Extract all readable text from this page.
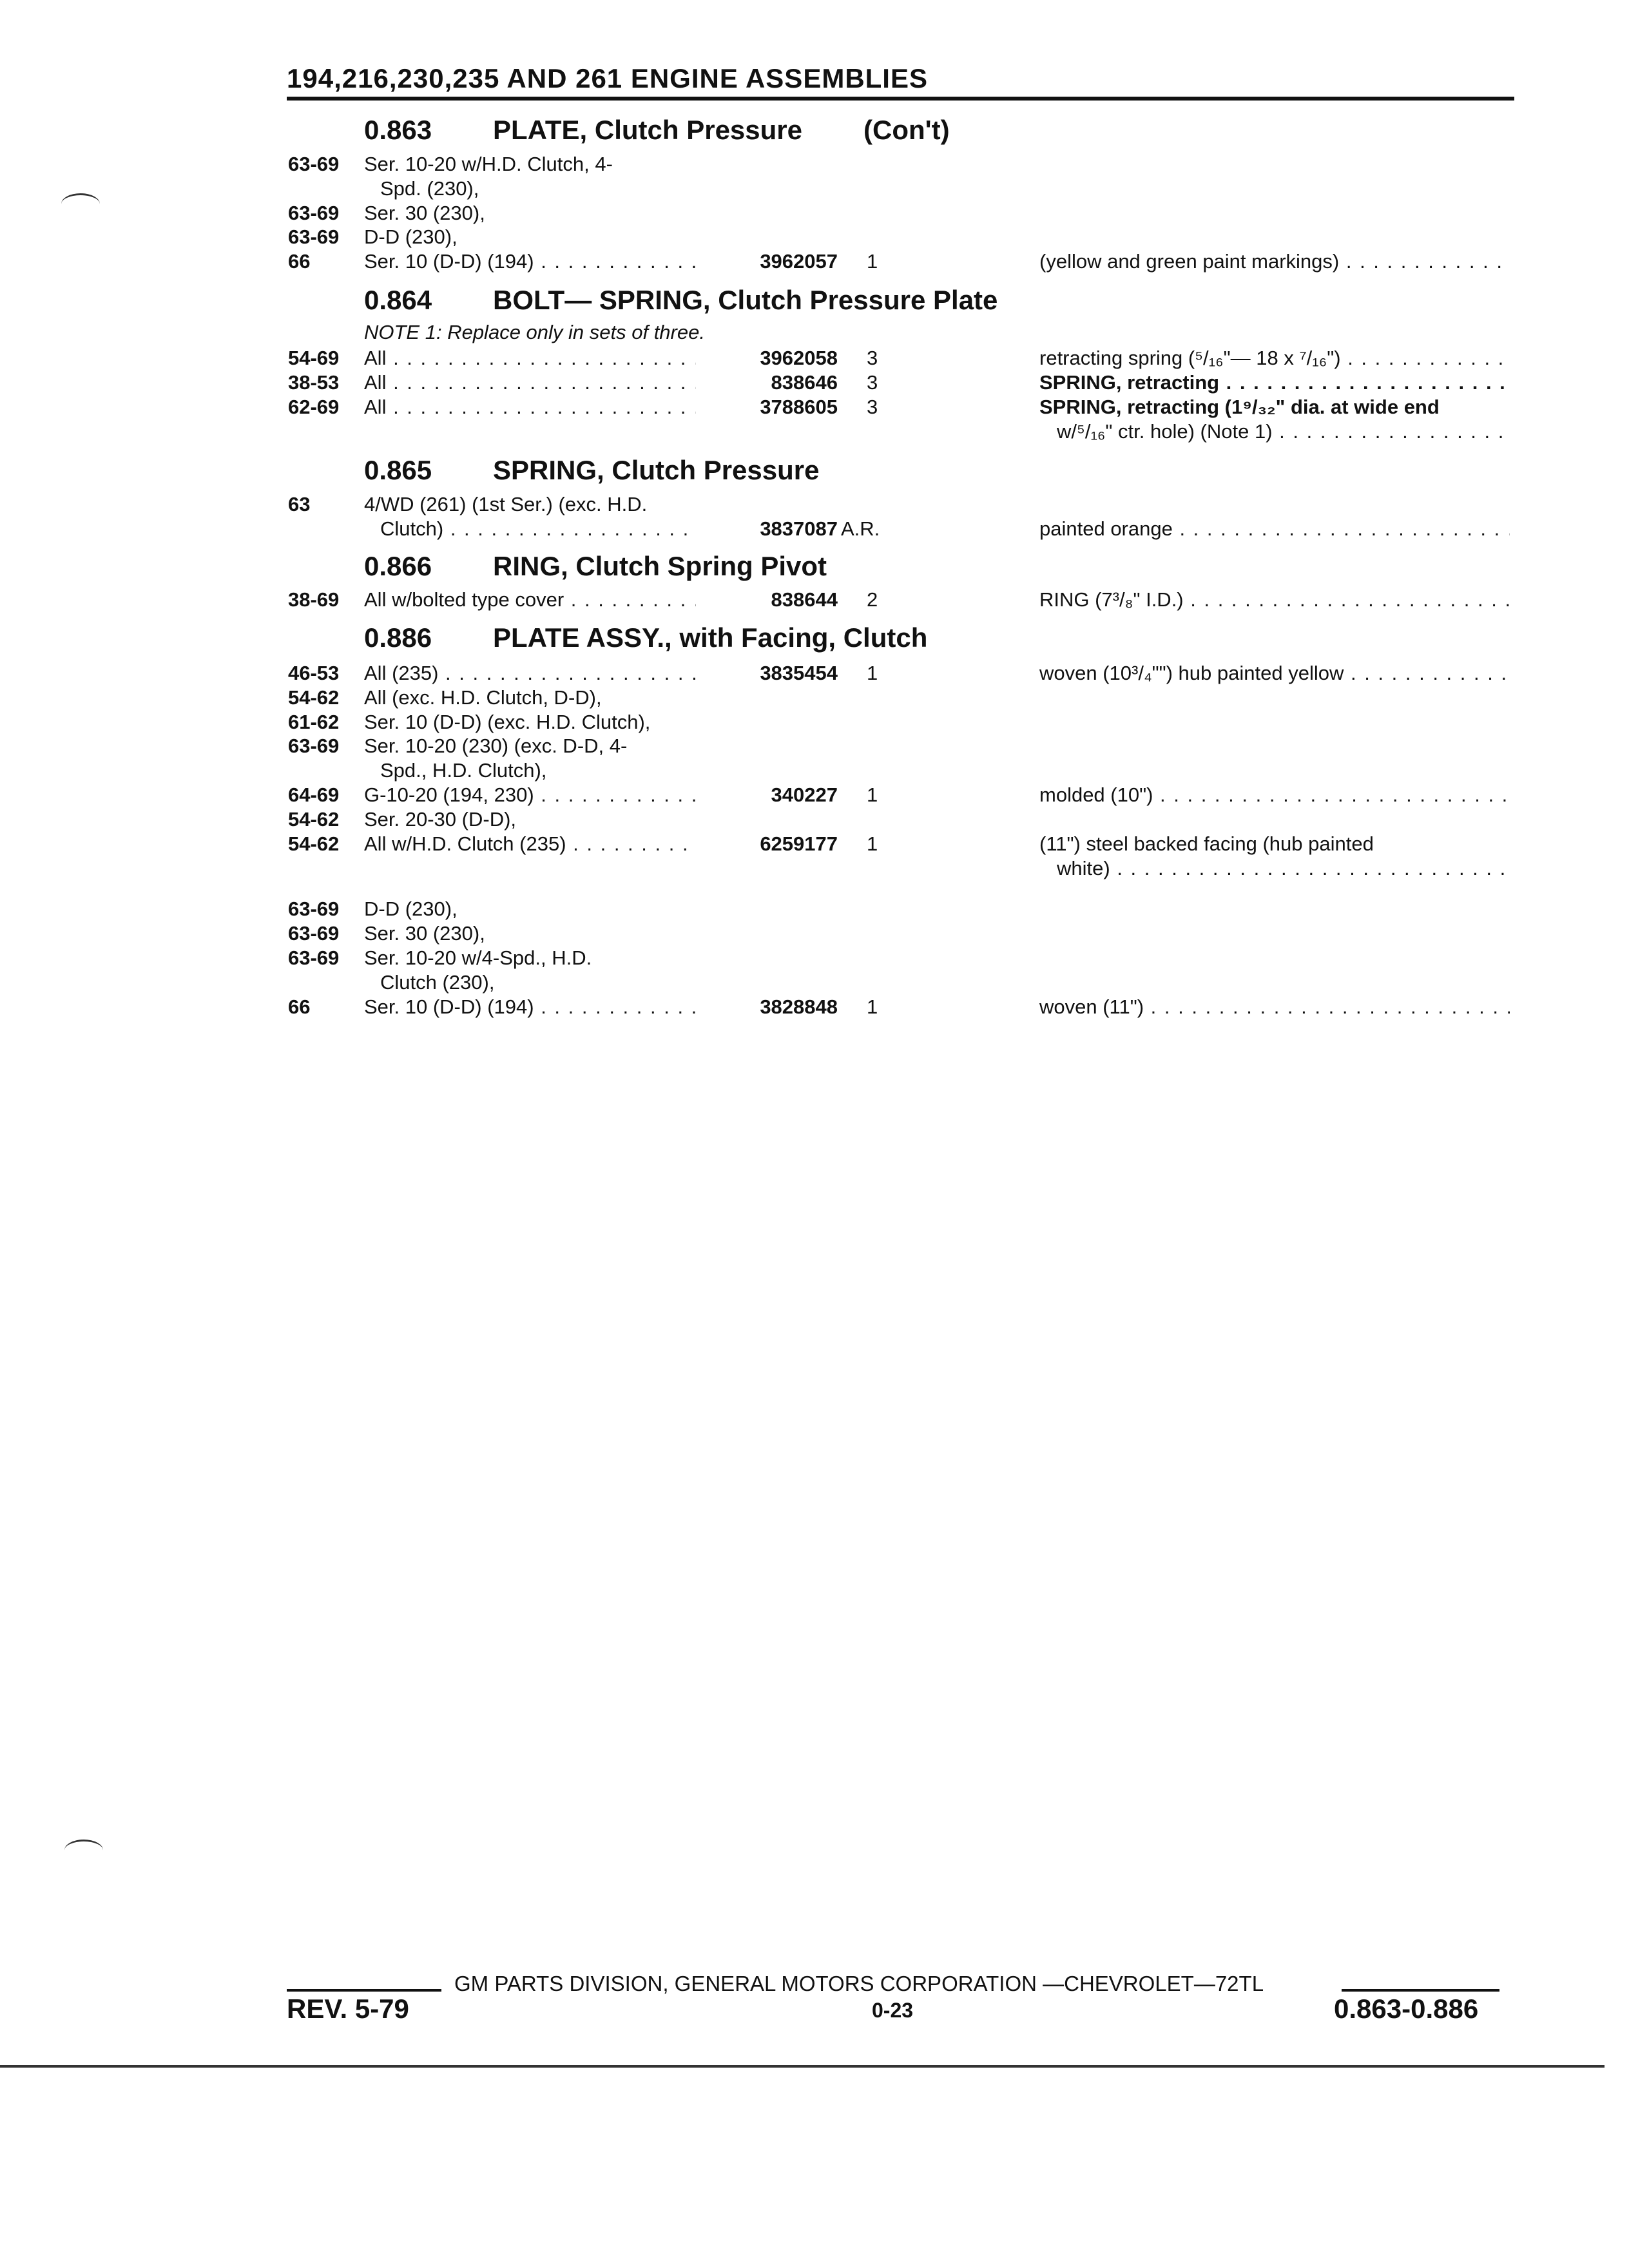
194,216,230,235 AND 261 ENGINE ASSEMBLIES
0.863 PLATE, Clutch Pressure (Con't)
63-69 Ser. 10-20 w/H.D. Clutch, 4-
Spd. (230),
63-69 Ser. 30 (230),
63-69 D-D (230),
66	Ser. 10 (D-D) (194) . . .	3962057 1	(yellow and green paint markings) . . .
0.864 BOLT— SPRING, Clutch Pressure Plate
NOTE 1: Replace only in sets of three.
54-69 All . . .	3962058 3	retracting spring (⁵/₁₆"— 18 x ⁷/₁₆") . . .
38-53 All . . .	838646 3	SPRING, retracting . . .
62-69 All . . .	3788605 3	SPRING, retracting (1⁹/₃₂" dia. at wide end
w/⁵/₁₆" ctr. hole) (Note 1) . . .
0.865 SPRING, Clutch Pressure
63	4/WD (261) (1st Ser.) (exc. H.D.
Clutch) . . .	3837087 A.R.	painted orange . . .
0.866 RING, Clutch Spring Pivot
38-69 All w/bolted type cover . . .	838644 2	RING (7³/₈" I.D.) . . .
0.886 PLATE ASSY., with Facing, Clutch
46-53 All (235) . . .	3835454 1	woven (10³/₄"") hub painted yellow . . .
54-62 All (exc. H.D. Clutch, D-D),
61-62 Ser. 10 (D-D) (exc. H.D. Clutch),
63-69 Ser. 10-20 (230) (exc. D-D, 4-
Spd., H.D. Clutch),
64-69 G-10-20 (194, 230) . . .	340227 1	molded (10") . . .
54-62 Ser. 20-30 (D-D),
54-62 All w/H.D. Clutch (235) . . .	6259177 1	(11") steel backed facing (hub painted
white) . . .
63-69 D-D (230),
63-69 Ser. 30 (230),
63-69 Ser. 10-20 w/4-Spd., H.D.
Clutch (230),
66	Ser. 10 (D-D) (194) . . .	3828848 1	woven (11") . . .
GM PARTS DIVISION, GENERAL MOTORS CORPORATION —CHEVROLET—72TL
REV. 5-79	0-23	0.863-0.886
